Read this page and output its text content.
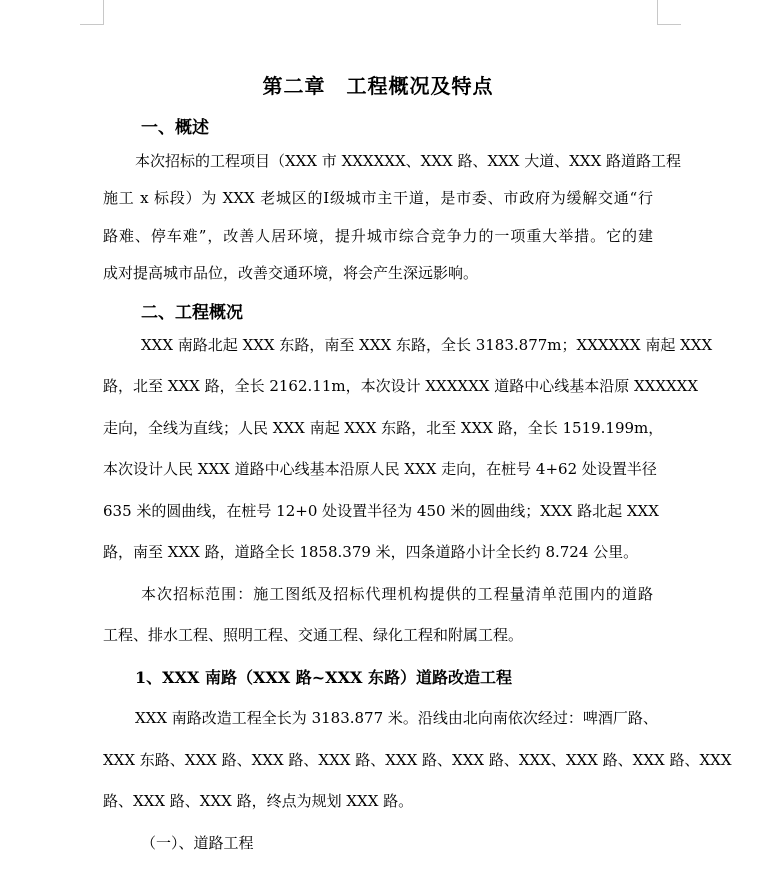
第二章　工程概况及特点
一、概述
本次招标的工程项目（XXX 市 XXXXXX、XXX 路、XXX 大道、XXX 路道路工程
施工 x 标段）为 XXX 老城区的Ⅰ级城市主干道，是市委、市政府为缓解交通“行
路难、停车难”，改善人居环境，提升城市综合竞争力的一项重大举措。它的建
成对提高城市品位，改善交通环境，将会产生深远影响。
二、工程概况
XXX 南路北起 XXX 东路，南至 XXX 东路，全长 3183.877m；XXXXXX 南起 XXX
路，北至 XXX 路，全长 2162.11m，本次设计 XXXXXX 道路中心线基本沿原 XXXXXX
走向，全线为直线；人民 XXX 南起 XXX 东路，北至 XXX 路，全长 1519.199m，
本次设计人民 XXX 道路中心线基本沿原人民 XXX 走向，在桩号 4+62 处设置半径
635 米的圆曲线，在桩号 12+0 处设置半径为 450 米的圆曲线；XXX 路北起 XXX
路，南至 XXX 路，道路全长 1858.379 米，四条道路小计全长约 8.724 公里。
本次招标范围：施工图纸及招标代理机构提供的工程量清单范围内的道路
工程、排水工程、照明工程、交通工程、绿化工程和附属工程。
1、XXX 南路（XXX 路~XXX 东路）道路改造工程
XXX 南路改造工程全长为 3183.877 米。沿线由北向南依次经过：啤酒厂路、
XXX 东路、XXX 路、XXX 路、XXX 路、XXX 路、XXX 路、XXX、XXX 路、XXX 路、XXX
路、XXX 路、XXX 路，终点为规划 XXX 路。
（一）、道路工程
